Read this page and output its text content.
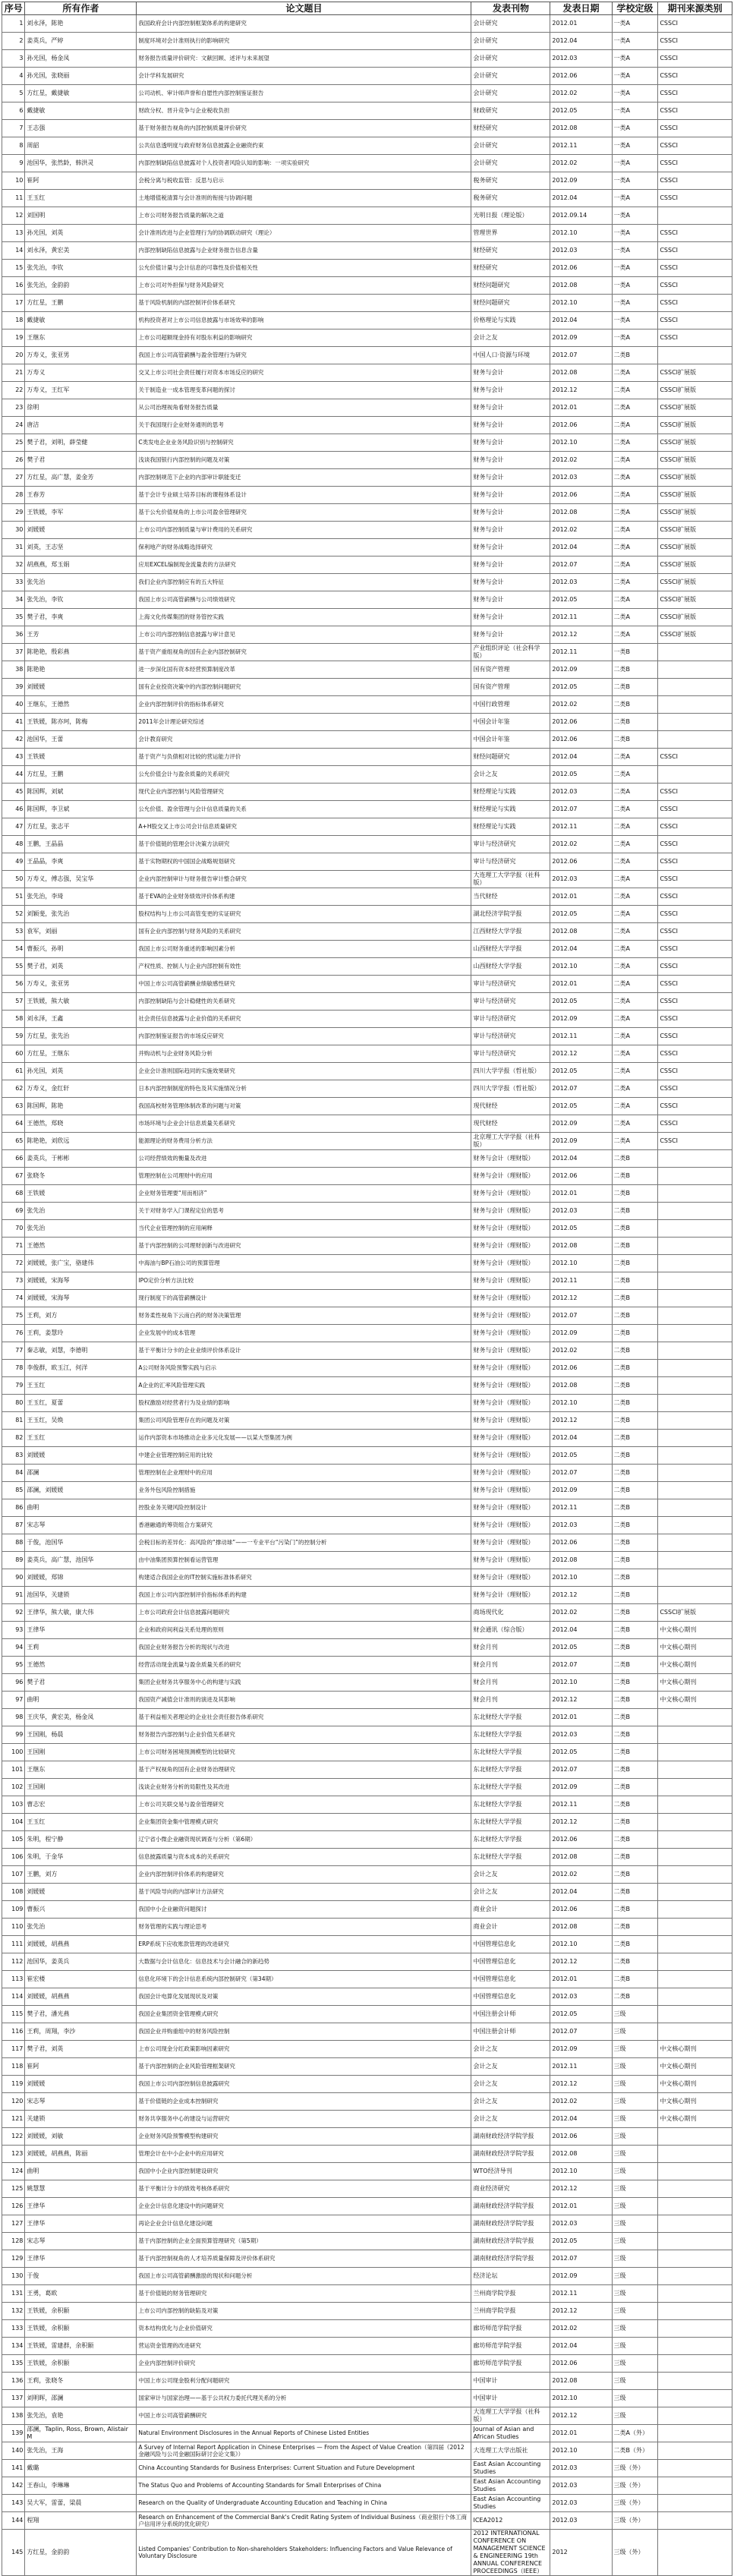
序号	所有作者	论文题目	发表刊物	发表日期	学校定级	期刊来源类别
1	刘永泽，陈艳	我国政府会计内部控制框架体系的构建研究	会计研究	2012.01	一类A	CSSCI
2	姜英兵，严婷	制度环境对会计准则执行的影响研究	会计研究	2012.04	一类A	CSSCI
3	孙光国，杨金凤	财务报告质量评价研究：文献回顾、述评与未来展望	会计研究	2012.03	一类A	CSSCI
4	孙光国，张晓丽	会计学科发展研究	会计研究	2012.06	一类A	CSSCI
5	方红星，戴捷敏	公司动机、审计师声誉和自愿性内部控制鉴证报告	会计研究	2012.02	一类A	CSSCI
6	戴捷敏	财政分权、晋升竞争与企业税收负担	财政研究	2012.05	一类A	CSSCI
7	王志强	基于财务报告视角的内部控制质量评价研究	财经研究	2012.08	一类A	CSSCI
8	周韶	公共信息透明度与政府财务信息披露企业融资约束	会计研究	2012.11	一类A	CSSCI
9	池国华，张然龄，韩洪灵	内部控制缺陷信息披露对个人投资者风险认知的影响：一项实验研究	会计研究	2012.02	一类A	CSSCI
10	崔阿	会税分离与税收监管：反思与启示	税务研究	2012.09	一类A	CSSCI
11	王玉红	土地增值税清算与会计准则的衔接与协调问题	税务研究	2012.04	一类A	CSSCI
12	刘国明	上市公司财务报告质量的解决之道	光明日报（理论版）	2012.09.14	一类A	
13	孙光国，刘英	会计准则改进与企业管理行为的协调联动研究（理论）	管理世界	2012.10	一类A	CSSCI
14	刘永泽，黄宏美	内部控制缺陷信息披露与企业财务报告信息含量	财经研究	2012.03	一类A	CSSCI
15	张先治，李钦	公允价值计量与会计信息的可靠性及价值相关性	财经研究	2012.06	一类A	CSSCI
16	张先治，金韵韵	上市公司对外担保与财务风险研究	财经问题研究	2012.08	一类A	CSSCI
17	方红星，王鹏	基于风险机制的内部控制评价体系研究	财经问题研究	2012.10	一类A	CSSCI
18	戴捷敏	机构投资者对上市公司信息披露与市场效率的影响	价格理论与实践	2012.04	一类A	CSSCI
19	王继东	上市公司超额现金持有对股东利益的影响研究	会计之友	2012.09	一类A	CSSCI
20	万寿义，张亚男	我国上市公司高管薪酬与盈余管理行为研究	中国人口·资源与环境	2012.07	二类B	
21	万寿义	交叉上市公司社会责任履行对资本市场反应的研究	财务与会计	2012.08	二类A	CSSCI扩展版
22	万寿义，王红军	关于制造业一成本管理变革问题的探讨	财务与会计	2012.12	二类A	CSSCI扩展版
23	徐明	从公司治理视角看财务报告质量	财务与会计	2012.01	二类A	CSSCI扩展版
24	唐洁	关于我国现行企业财务通则的思考	财务与会计	2012.06	二类A	CSSCI扩展版
25	樊子君，刘明，薛莹健	C类发电企业业务风险识别与控制研究	财务与会计	2012.10	二类A	CSSCI扩展版
26	樊子君	浅谈我国银行内部控制的问题及对策	财务与会计	2012.02	二类A	CSSCI扩展版
27	方红星，高广慧，姜金芳	内部控制规范下企业的内部审计职能变迁	财务与会计	2012.03	二类A	CSSCI扩展版
28	王春芳	基于会计专业硕士培养目标的课程体系设计	财务与会计	2012.06	二类A	CSSCI扩展版
29	王铁媛，李军	基于公允价值视角的上市公司盈余管理研究	财务与会计	2012.08	二类A	CSSCI扩展版
30	刘媛媛	上市公司内部控制质量与审计费用的关系研究	财务与会计	2012.02	二类A	CSSCI扩展版
31	刘英，王志坚	保利地产的财务战略选择研究	财务与会计	2012.04	二类A	CSSCI扩展版
32	胡燕燕，郑玉娟	应用EXCEL编制现金流量表的方法研究	财务与会计	2012.07	二类A	CSSCI扩展版
33	张先治	我们企业内部控制应有的五大特征	财务与会计	2012.03	二类A	CSSCI扩展版
34	张先治，李钦	我国上市公司高管薪酬与公司绩效研究	财务与会计	2012.05	二类A	CSSCI扩展版
35	樊子君，李爽	上海文化传媒集团的财务管控实践	财务与会计	2012.11	二类A	CSSCI扩展版
36	王芳	上市公司内部控制信息披露与审计意见	财务与会计	2012.12	二类A	CSSCI扩展版
37	陈艳艳，殷彩燕	基于资产重组视角的国有企业内部控制研究	产业组织评论（社会科学版）	2012.11	一类B	
38	陈艳艳	进一步深化国有资本经营预算制度改革	国有资产管理	2012.09	二类B	
39	刘媛媛	国有企业投资决策中的内部控制问题研究	国有资产管理	2012.05	二类B	
40	王继东，王德然	企业内部控制评价的指标体系研究	中国行政管理	2012.02	二类B	
41	王铁媛，陈亦珂，陈梅	2011年会计理论研究综述	中国会计年鉴	2012.06	二类B	
42	池国华，王蕾	会计教育研究	中国会计年鉴	2012.06	二类B	
43	王铁媛	基于资产与负债相对比较的营运能力评价	财经问题研究	2012.04	二类A	CSSCI
44	方红星，王鹏	公允价值会计与盈余质量的关系研究	会计之友	2012.05	二类A	
45	陈国辉，刘斌	现代企业内部控制与风险管理研究	财经理论与实践	2012.03	二类A	CSSCI
46	陈国辉，李卫斌	公允价值、盈余管理与会计信息质量的关系	财经理论与实践	2012.07	二类A	CSSCI
47	方红星，张志平	A+H股交叉上市公司会计信息质量研究	财经理论与实践	2012.11	二类A	CSSCI
48	王鹏，王晶晶	基于价值链的管理会计决策方法研究	审计与经济研究	2012.02	二类A	CSSCI
49	王晶晶，李爽	基于实物期权的中国国企战略规划研究	审计与经济研究	2012.06	二类A	CSSCI
50	万寿义，傅志强，吴宝华	企业内部控制审计与财务报告审计整合研究	大连理工大学学报（社科版）	2012.03	二类A	CSSCI
51	张先治，李琦	基于EVA的企业财务绩效评价体系构建	当代财经	2012.01	二类A	CSSCI
52	刘颖斐，张先治	股权结构与上市公司高管变更的实证研究	湖北经济学院学报	2012.05	二类A	CSSCI
53	袁军，刘丽	国有企业内部控制与财务风险的关系研究	江西财经大学学报	2012.08	二类A	CSSCI
54	曹振兴，孙明	我国上市公司财务重述的影响因素分析	山西财经大学学报	2012.04	二类A	CSSCI
55	樊子君，刘英	产权性质、控制人与企业内部控制有效性	山西财经大学学报	2012.10	二类A	CSSCI
56	万寿义，张亚男	中国上市公司高管薪酬业绩敏感性研究	审计与经济研究	2012.01	二类A	CSSCI
57	王铁媛，熊大敏	内部控制缺陷与会计稳健性的关系研究	审计与经济研究	2012.05	二类A	CSSCI
58	刘永泽，王鑫	社会责任信息披露与企业价值的关系研究	审计与经济研究	2012.09	二类A	CSSCI
59	方红星，张先治	内部控制鉴证报告的市场反应研究	审计与经济研究	2012.11	二类A	CSSCI
60	方红星，王继东	并购动机与企业财务风险分析	审计与经济研究	2012.12	二类A	CSSCI
61	孙光国，刘英	企业会计准则国际趋同的实施效果研究	四川大学学报（哲社版）	2012.05	二类A	CSSCI
62	万寿义，金红轩	日本内部控制制度的特色及其实施情况分析	四川大学学报（哲社版）	2012.07	二类A	CSSCI
63	陈国辉，陈艳	我国高校财务管理体制改革的问题与对策	现代财经	2012.05	二类A	CSSCI
64	王德然，郑晓	市场环境与企业会计信息质量关系研究	现代财经	2012.09	二类A	CSSCI
65	陈艳艳，刘欣远	能源理论的财务费用分析方法	北京理工大学学报（社科版）	2012.09	二类A	CSSCI
66	姜英兵，于彬彬	公司经营绩效的衡量及改进	财务与会计（理财版）	2012.04	二类B	
67	张晓冬	管理控制在公司理财中的应用	财务与会计（理财版）	2012.06	二类B	
68	王铁媛	企业财务管理要“用而相济”	财务与会计（理财版）	2012.01	二类B	
69	张先治	关于对财务学入门课程定位的思考	财务与会计（理财版）	2012.03	二类B	
70	张先治	当代企业管理控制的应用阐释	财务与会计（理财版）	2012.05	二类B	
71	王德然	基于内部控制的公司理财创新与改进研究	财务与会计（理财版）	2012.08	二类B	
72	刘媛媛，张广宝，骆建伟	中海油与BP石油公司的预算管理	财务与会计（理财版）	2012.10	二类B	
73	刘媛媛，宋海琴	IPO定价分析方法比较	财务与会计（理财版）	2012.11	二类B	
74	刘媛媛，宋海琴	现行制度下的高管薪酬设计	财务与会计（理财版）	2012.12	二类B	
75	王莉，刘方	财务柔性视角下云南白药的财务决策管理	财务与会计（理财版）	2012.07	二类B	
76	王莉，姜慧玲	企业发展中的成本管理	财务与会计（理财版）	2012.09	二类B	
77	秦志敏，刘慧，李德明	基于平衡计分卡的企业业绩评价体系设计	财务与会计（理财版）	2012.02	二类B	
78	李俊群，欧玉江，何洋	A公司财务风险预警实践与启示	财务与会计（理财版）	2012.06	二类B	
79	王玉红	A企业的汇率风险管理实践	财务与会计（理财版）	2012.08	二类B	
80	王玉红，夏蕾	股权激励对经营者行为及业绩的影响	财务与会计（理财版）	2012.10	二类B	
81	王玉红，吴焕	集团公司风险管理存在的问题及对策	财务与会计（理财版）	2012.12	二类B	
82	王玉红	运作内部资本市场推动企业多元化发展——以某大型集团为例	财务与会计（理财版）	2012.04	二类B	
83	刘媛媛	中建企业管理控制应用的比较	财务与会计（理财版）	2012.05	二类B	
84	邵澜	管理控制在企业理财中的应用	财务与会计（理财版）	2012.07	二类B	
85	邵澜，刘媛媛	业务外包风险控制措施	财务与会计（理财版）	2012.09	二类B	
86	曲明	控股业务关键风险控制设计	财务与会计（理财版）	2012.11	二类B	
87	宋志琴	香港融通的筹资组合方案研究	财务与会计（理财版）	2012.03	二类B	
88	于俊，池国华	会税目标的差异化：高风险的“撑动球”——一专业平台“污染门”的控制分析	财务与会计（理财版）	2012.06	二类B	
89	姜英兵，高广慧，池国华	由中油集团预算控制看运营管理	财务与会计（理财版）	2012.08	二类B	
90	刘媛媛，郑锦	构建适合我国企业的IT控制实施标准体系研究	财务与会计（理财版）	2012.10	二类B	
91	池国华，关建锁	我国上市公司内部控制评价指标体系的构建	财务与会计（理财版）	2012.12	二类B	
92	王律华，熊大敏，康大伟	上市公司政府会计信息披露问题研究	商场现代化	2012.02	二类B	CSSCI扩展版
93	王律华	企业和政府间利益关系处理的原则	财会通讯（综合版）	2012.04	二类B	中文核心期刊
94	王莉	我国企业财务报告分析的现状与改进	财会月刊	2012.05	二类B	中文核心期刊
95	王德然	经营活动现金流量与盈余质量关系的研究	财会月刊	2012.07	二类B	中文核心期刊
96	樊子君	集团企业财务共享服务中心的构建与实践	财会月刊	2012.10	二类B	中文核心期刊
97	曲明	我国资产减值会计准则的演进及其影响	财会月刊	2012.12	二类B	中文核心期刊
98	王庆华，黄宏美，杨金凤	基于利益相关者理论的企业社会责任报告体系研究	东北财经大学学报	2012.01	二类B	
99	王国刚，杨晨	财务报告内部控制与企业价值关系研究	东北财经大学学报	2012.03	二类B	
100	王国刚	上市公司财务困境预测模型的比较研究	东北财经大学学报	2012.05	二类B	
101	王继东	基于产权视角的国有企业财务治理研究	东北财经大学学报	2012.07	二类B	
102	王国刚	浅谈企业财务分析的局限性及其改进	东北财经大学学报	2012.09	二类B	
103	曹志宏	上市公司关联交易与盈余管理研究	东北财经大学学报	2012.11	二类B	
104	王玉红	企业集团资金集中管理模式研究	东北财经大学学报	2012.12	二类B	
105	朱明，程宁静	辽宁省小微企业融资现状调查与分析（第6期）	东北财经大学学报	2012.06	二类B	
106	朱明，于金华	信息披露质量与资本成本的关系研究	东北财经大学学报	2012.08	二类B	
107	王鹏，刘方	企业内部控制评价体系的构建研究	会计之友	2012.02	二类B	
108	刘媛媛	基于风险导向的内部审计方法研究	会计之友	2012.04	二类B	
109	曹振兴	我国中小企业融资问题探讨	商业会计	2012.06	二类B	
110	张先治	财务管理的实践与理论思考	商业会计	2012.08	二类B	
111	刘媛媛，胡燕燕	ERP系统下应收账款管理的改进研究	中国管理信息化	2012.10	二类B	
112	池国华，姜英兵	大数据与会计信息化：信息技术与会计融合的新趋势	中国管理信息化	2012.12	二类B	
113	崔宏楼	信息化环境下的会计信息系统内部控制研究（第34期）	中国管理信息化	2012.01	二类B	
114	刘媛媛，胡燕燕	我国会计电算化发展现状及对策	中国管理信息化	2012.03	二类B	
115	樊子君，潘光燕	我国企业集团资金管理模式研究	中国注册会计师	2012.05	三级	
116	王莉，周翔，李沙	我国企业并购重组中的财务风险控制	中国注册会计师	2012.07	三级	
117	樊子君，刘英	上市公司现金分红政策影响因素研究	会计之友	2012.09	三级	中文核心期刊
118	崔阿	基于内部控制的企业风险管理框架研究	会计之友	2012.11	三级	中文核心期刊
119	刘媛媛	我国上市公司内部控制信息披露研究	会计之友	2012.12	三级	中文核心期刊
120	宋志琴	基于价值链的企业成本控制研究	会计之友	2012.02	三级	中文核心期刊
121	关建锁	财务共享服务中心的建设与运营研究	会计之友	2012.04	三级	中文核心期刊
122	刘媛媛，刘敏	企业财务风险预警模型构建研究	湖南财政经济学院学报	2012.06	三级	
123	刘媛媛，胡燕燕，陈丽	管理会计在中小企业中的应用研究	湖南财政经济学院学报	2012.08	三级	
124	曲明	我国中小企业内部控制建设研究	WTO经济导刊	2012.10	三级	
125	姚慧慧	基于平衡计分卡的绩效考核体系研究	商业经济研究	2012.12	三级	
126	王律华	企业会计信息化建设中的问题研究	湖南财政经济学院学报	2012.01	三级	
127	王律华	再论企业会计信息化建设问题	湖南财政经济学院学报	2012.03	三级	
128	宋志琴	基于内部控制的企业全面预算管理研究（第5期）	湖南财政经济学院学报	2012.05	三级	
129	王律华	基于内部控制视角的人才培养质量保障及评价体系研究	湖南财政经济学院学报	2012.07	三级	
130	于俊	我国上市公司高管薪酬激励的现状和问题分析	经济论坛	2012.09	三级	
131	王勇，葛欧	基于价值链的财务管理研究	兰州商学院学报	2012.11	三级	
132	王铁媛，余积颐	上市公司内部控制的缺陷及对策	兰州商学院学报	2012.12	三级	
133	王铁媛，余积颐	资本结构优化与企业价值研究	廊坊师范学院学报	2012.02	三级	
134	王铁媛，雷建群，余积颐	营运资金管理的改进研究	廊坊师范学院学报	2012.04	三级	
135	王铁媛，余积颐	企业内部控制评价研究	廊坊师范学院学报	2012.06	三级	
136	王莉，张晓冬	中国上市公司现金股利分配问题研究	中国审计	2012.08	三级	
137	刘明晖，邵澜	国家审计与国家治理——基于公共权力委托代理关系的分析	中国审计	2012.10	三级	
138	张先治，袁艳	中国上市公司高管薪酬研究	大连理工大学学报（社科版）	2012.12	三级	
139	邵澜，Taplin, Ross, Brown, Alistair M	Natural Environment Disclosures in the Annual Reports of Chinese Listed Entities	Journal of Asian and African Studies	2012.01	二类A（外）	
140	张先治，王海	A Survey of Internal Report Application in Chinese Enterprises — From the Aspect of Value Creation（第四届《2012金融风险与公司金融国际研讨会论文集》）	大连理工大学出版社	2012.10	二类B（外）	
141	戴璐	China Accounting Standards for Business Enterprises: Current Situation and Future Development	East Asian Accounting Studies	2012.03	三级（外）	
142	王春山，李琳琳	The Status Quo and Problems of Accounting Standards for Small Enterprises of China	East Asian Accounting Studies	2012.03	三级（外）	
143	吴大军，雷蕾，梁晨	Research on the Quality of Undergraduate Accounting Education and Teaching in China	East Asian Accounting Studies	2012.03	三级（外）	
144	程翔	Research on Enhancement of the Commercial Bank's Credit Rating System of Individual Business（商业银行个体工商户信用评分系统的优化研究）	ICEA2012	2012.03	三级（外）	
145	方红星，金韵韵	Listed Companies' Contribution to Non-shareholders Stakeholders: Influencing Factors and Value Relevance of Voluntary Disclosure	2012 INTERNATIONAL CONFERENCE ON MANAGEMENT SCIENCE & ENGINEERING 19th ANNUAL CONFERENCE PROCEEDINGS（IEEE）	2012	三级（外）	
